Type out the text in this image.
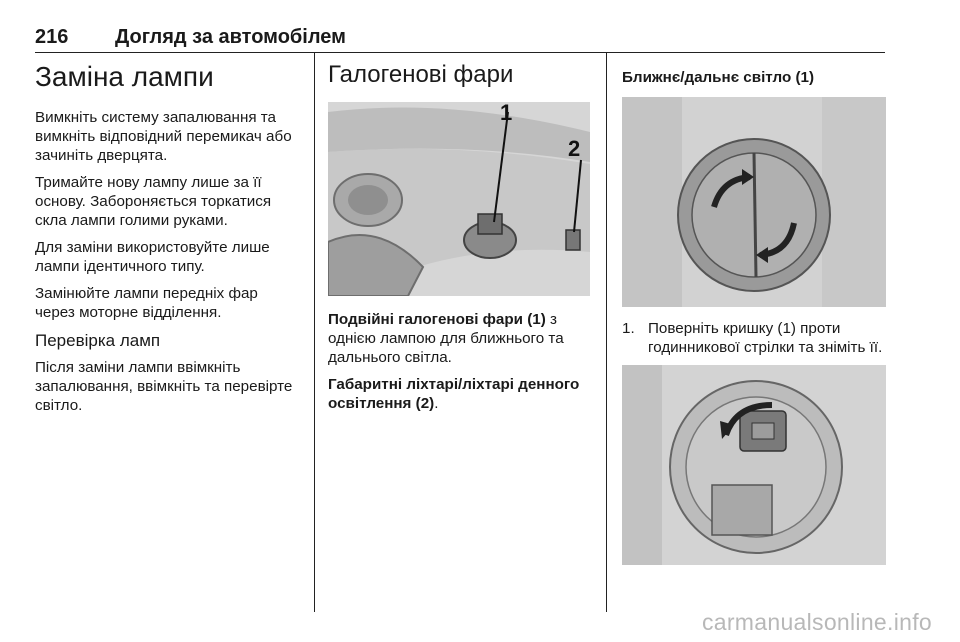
216 Догляд за автомобілем
Заміна лампи

Вимкніть систему запалювання та вимкніть відповідний перемикач або зачиніть дверцята.

Тримайте нову лампу лише за її основу. Забороняється торкатися скла лампи голими руками.

Для заміни використовуйте лише лампи ідентичного типу.

Замінюйте лампи передніх фар через моторне відділення.

Перевірка ламп

Після заміни лампи ввімкніть запалювання, ввімкніть та перевірте світло.

Галогенові фари
1
2

Подвійні галогенові фари (1) з однією лампою для ближнього та дальнього світла.

Габаритні ліхтарі/ліхтарі денного освітлення (2).

Ближнє/дальнє світло (1)
1. Поверніть кришку (1) проти годинникової стрілки та зніміть її.
carmanualsonline.info
